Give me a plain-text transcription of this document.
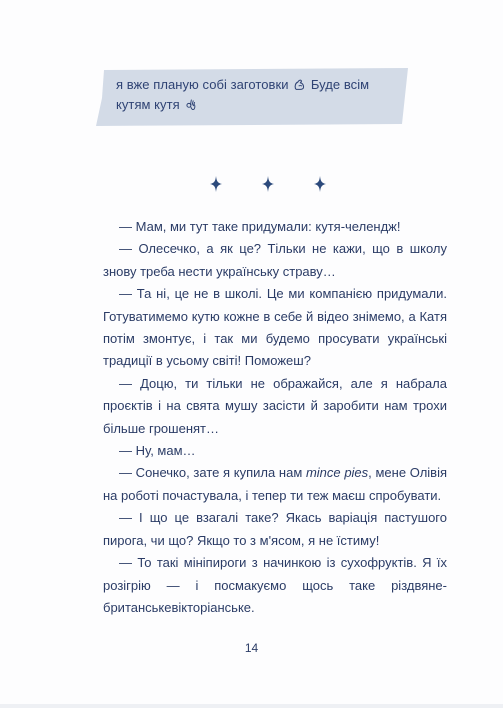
я вже планую собі заготовки Буде всім
кутям кутя

— Мам, ми тут таке придумали: кутя-челендж!

— Олесечко, а як це? Тільки не кажи, що в школу знову треба нести українську страву…

— Та ні, це не в школі. Це ми компанією придумали. Готуватимемо кутю кожне в себе й відео знімемо, а Катя потім змонтує, і так ми будемо просувати українські традиції в усьому світі! Поможеш?

— Доцю, ти тільки не ображайся, але я набрала проєктів і на свята мушу засісти й заробити нам трохи більше грошенят…

— Ну, мам…

— Сонечко, зате я купила нам mince pies, мене Олівія на роботі почастувала, і тепер ти теж маєш спробувати.

— І що це взагалі таке? Якась варіація пастушого пирога, чи що? Якщо то з м'ясом, я не їстиму!

— То такі мініпироги з начинкою із сухофруктів. Я їх розігрію — і посмакуємо щось таке різдвяне-британськевікторіанське.

14
